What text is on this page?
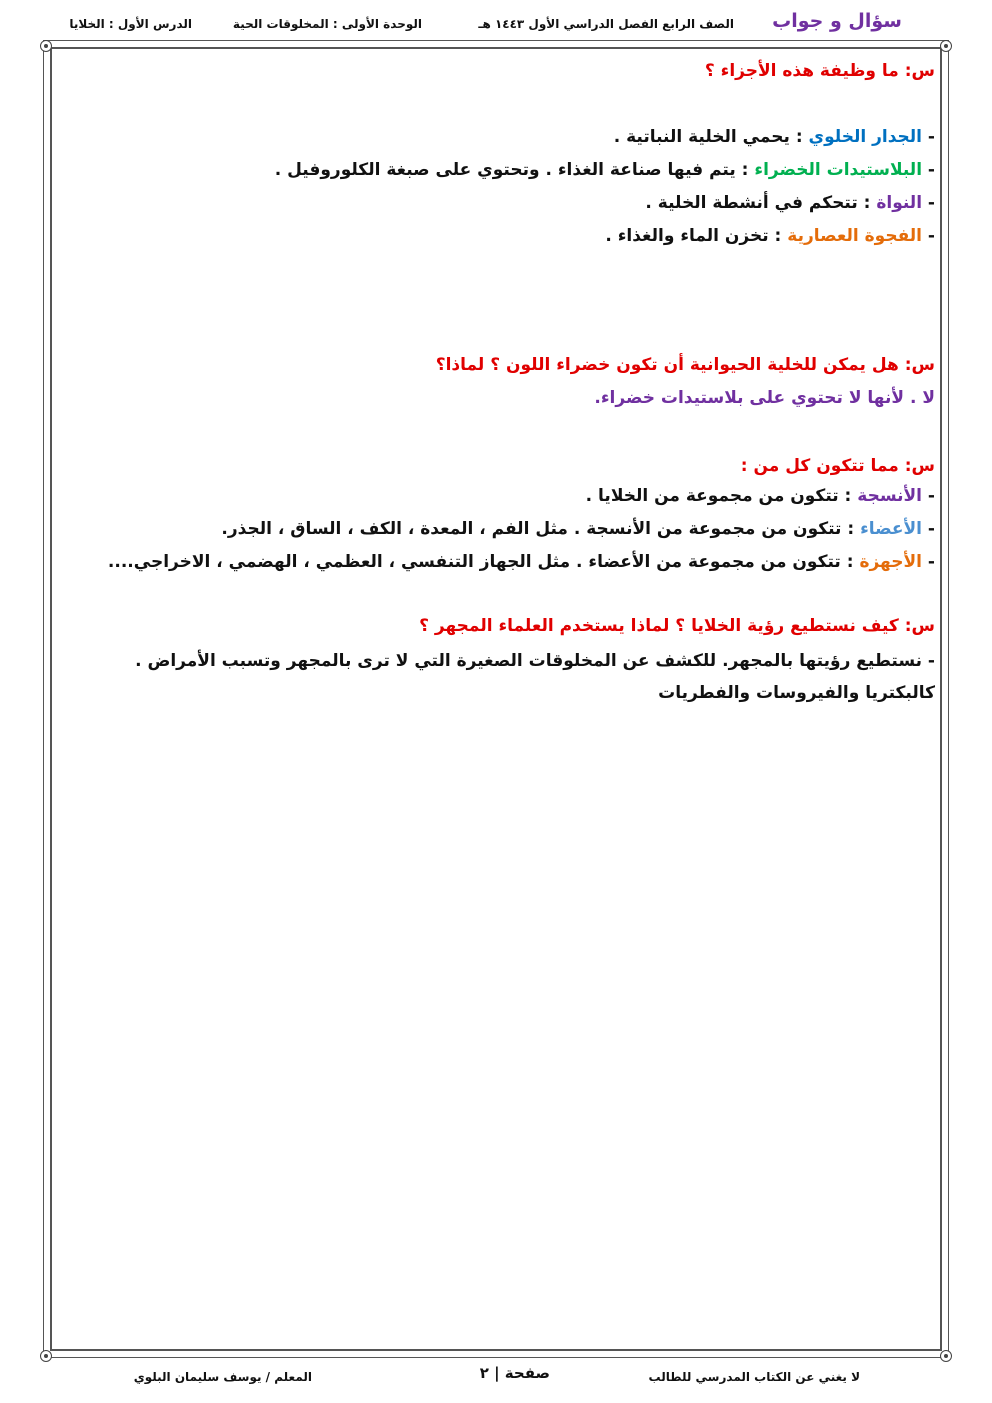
سؤال و جواب
الصف الرابع الفصل الدراسي الأول ١٤٤٣ هـ
الوحدة الأولى : المخلوقات الحية
الدرس الأول : الخلايا
س: ما وظيفة هذه الأجزاء ؟
- الجدار الخلوي : يحمي الخلية النباتية .
- البلاستيدات الخضراء : يتم فيها صناعة الغذاء . وتحتوي على صبغة الكلوروفيل .
- النواة : تتحكم في أنشطة الخلية .
- الفجوة العصارية : تخزن الماء والغذاء .
س: هل يمكن للخلية الحيوانية أن تكون خضراء اللون ؟ لماذا؟
لا . لأنها لا تحتوي على بلاستيدات خضراء.
س: مما تتكون كل من :
- الأنسجة : تتكون من مجموعة من الخلايا .
- الأعضاء : تتكون من مجموعة من الأنسجة . مثل الفم ، المعدة ، الكف ، الساق ، الجذر.
- الأجهزة : تتكون من مجموعة من الأعضاء . مثل الجهاز التنفسي ، العظمي ، الهضمي ، الاخراجي....
س: كيف نستطيع رؤية الخلايا ؟ لماذا يستخدم العلماء المجهر ؟
- نستطيع رؤيتها بالمجهر. للكشف عن المخلوقات الصغيرة التي لا ترى بالمجهر وتسبب الأمراض . كالبكتريا والفيروسات والفطريات
لا يغني عن الكتاب المدرسي للطالب
صفحة | ٢
المعلم / يوسف سليمان البلوي
